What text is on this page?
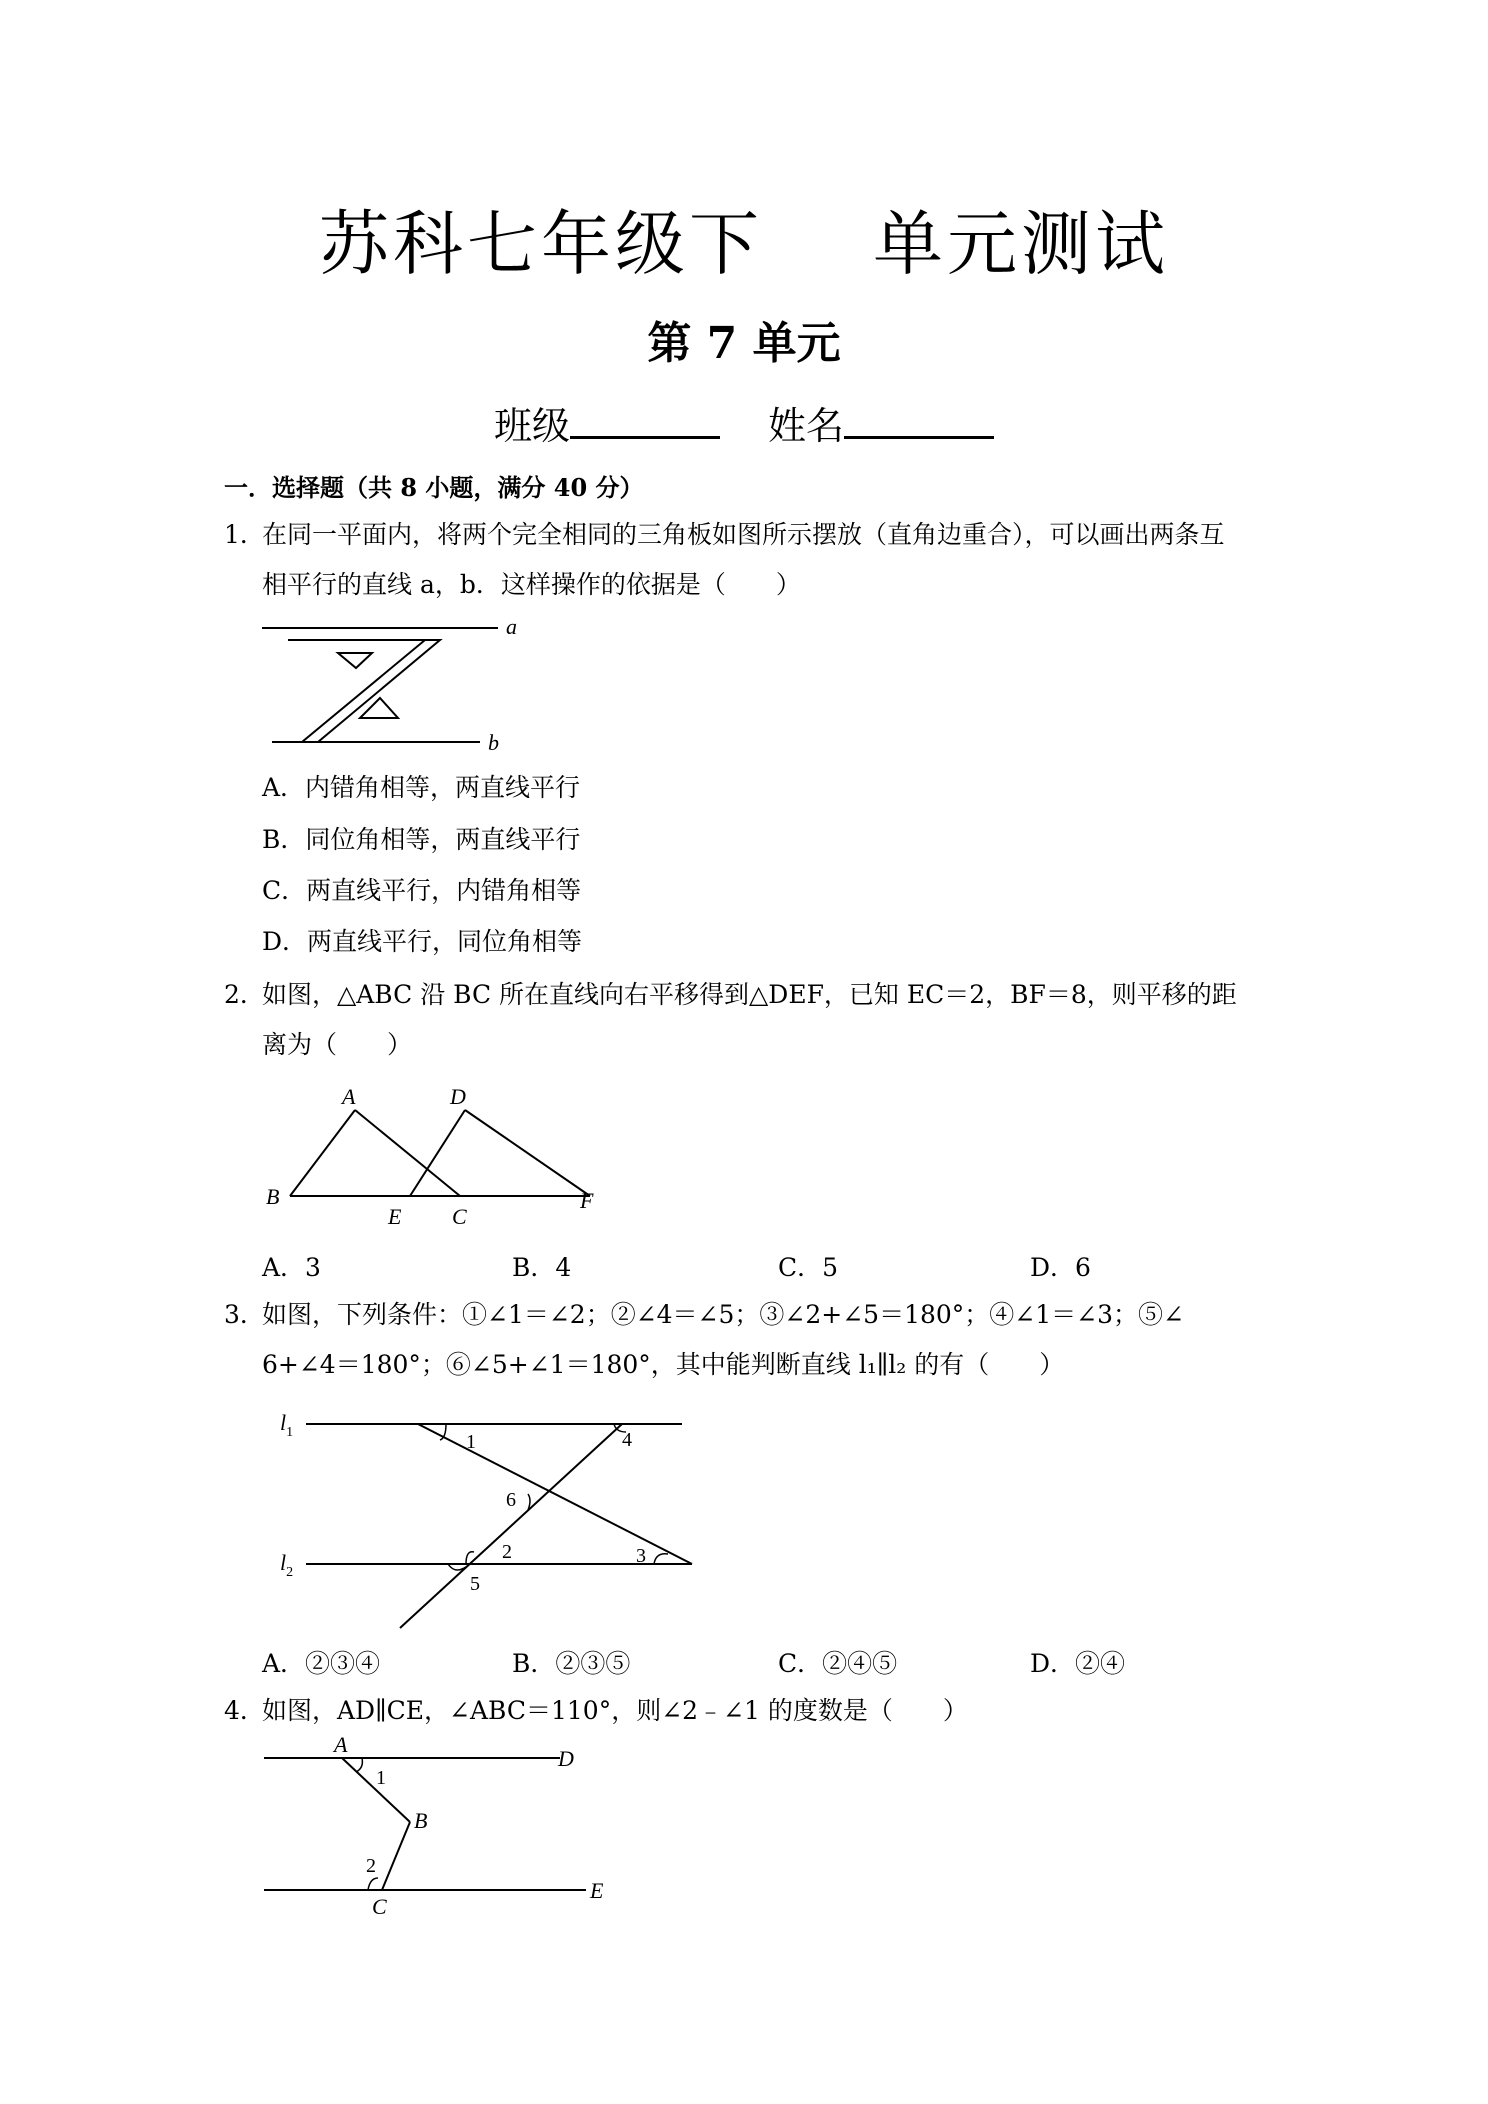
苏科七年级下 单元测试
第 7 单元
班级	姓名
一．选择题（共 8 小题，满分 40 分）
1．
在同一平面内，将两个完全相同的三角板如图所示摆放（直角边重合），可以画出两条互
相平行的直线 a，b．这样操作的依据是（　　）
a
b
A．内错角相等，两直线平行
B．同位角相等，两直线平行
C．两直线平行，内错角相等
D．两直线平行，同位角相等
2．
如图，△ABC 沿 BC 所在直线向右平移得到△DEF，已知 EC＝2，BF＝8，则平移的距
离为（　　）
A
B
C
D
E
F
A．3	B．4	C．5	D．6
3．
如图，下列条件：①∠1＝∠2；②∠4＝∠5；③∠2+∠5＝180°；④∠1＝∠3；⑤∠
6+∠4＝180°；⑥∠5+∠1＝180°，其中能判断直线 l₁∥l₂ 的有（　　）
$l_1$
$l_2$
1	4
6
2	3
5
A．②③④	B．②③⑤	C．②④⑤	D．②④
4．
如图，AD∥CE，∠ABC＝110°，则∠2﹣∠1 的度数是（　　）
A
B
C
D
E
1
2
